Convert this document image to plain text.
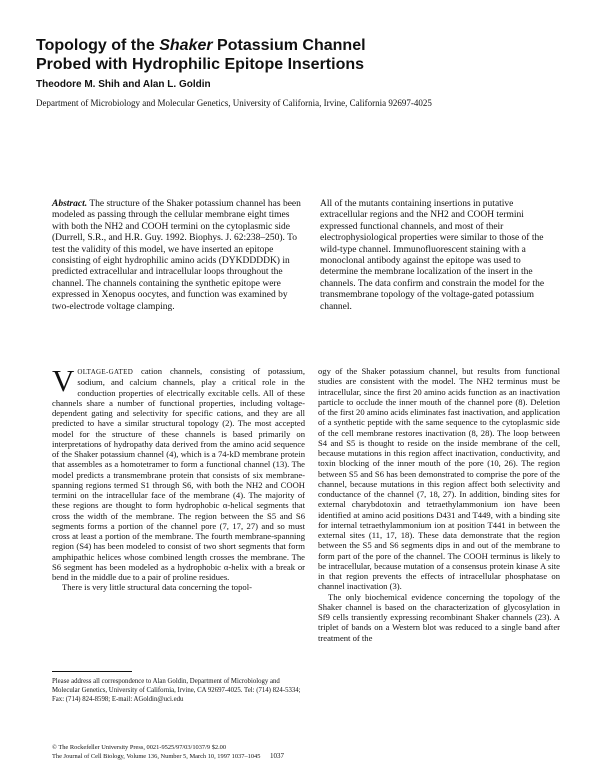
Topology of the Shaker Potassium Channel
Probed with Hydrophilic Epitope Insertions
Theodore M. Shih and Alan L. Goldin
Department of Microbiology and Molecular Genetics, University of California, Irvine, California 92697-4025

Abstract. The structure of the Shaker potassium channel has been modeled as passing through the cellular membrane eight times with both the NH2 and COOH termini on the cytoplasmic side (Durrell, S.R., and H.R. Guy. 1992. Biophys. J. 62:238–250). To test the validity of this model, we have inserted an epitope consisting of eight hydrophilic amino acids (DYKDDDDK) in predicted extracellular and intracellular loops throughout the channel. The channels containing the synthetic epitope were expressed in Xenopus oocytes, and function was examined by two-electrode voltage clamping.

All of the mutants containing insertions in putative extracellular regions and the NH2 and COOH termini expressed functional channels, and most of their electrophysiological properties were similar to those of the wild-type channel. Immunofluorescent staining with a monoclonal antibody against the epitope was used to determine the membrane localization of the insert in the channels. The data confirm and constrain the model for the transmembrane topology of the voltage-gated potassium channel.

VOLTAGE-GATED cation channels, consisting of potassium, sodium, and calcium channels, play a critical role in the conduction properties of electrically excitable cells. All of these channels share a number of functional properties, including voltage-dependent gating and selectivity for specific cations, and they are all predicted to have a similar structural topology (2). The most accepted model for the structure of these channels is based primarily on interpretations of hydropathy data derived from the amino acid sequence of the Shaker potassium channel (4), which is a 74-kD membrane protein that assembles as a homotetramer to form a functional channel (13). The model predicts a transmembrane protein that consists of six membrane-spanning regions termed S1 through S6, with both the NH2 and COOH termini on the intracellular face of the membrane (4). The majority of these regions are thought to form hydrophobic α-helical segments that cross the width of the membrane. The region between the S5 and S6 segments forms a portion of the channel pore (7, 17, 27) and so must cross at least a portion of the membrane. The fourth membrane-spanning region (S4) has been modeled to consist of two short segments that form amphipathic helices whose combined length crosses the membrane. The S6 segment has been modeled as a hydrophobic α-helix with a break or bend in the middle due to a pair of proline residues.

There is very little structural data concerning the topol-

ogy of the Shaker potassium channel, but results from functional studies are consistent with the model. The NH2 terminus must be intracellular, since the first 20 amino acids function as an inactivation particle to occlude the inner mouth of the channel pore (8). Deletion of the first 20 amino acids eliminates fast inactivation, and application of a synthetic peptide with the same sequence to the cytoplasmic side of the cell membrane restores inactivation (8, 28). The loop between S4 and S5 is thought to reside on the inside membrane of the cell, because mutations in this region affect inactivation, conductivity, and toxin blocking of the inner mouth of the pore (10, 26). The region between S5 and S6 has been demonstrated to comprise the pore of the channel, because mutations in this region affect both selectivity and conductance of the channel (7, 18, 27). In addition, binding sites for external charybdotoxin and tetraethylammonium ion have been identified at amino acid positions D431 and T449, with a binding site for internal tetraethylammonium ion at position T441 in between the external sites (11, 17, 18). These data demonstrate that the region between the S5 and S6 segments dips in and out of the membrane to form part of the pore of the channel. The COOH terminus is likely to be intracellular, because mutation of a consensus protein kinase A site in that region prevents the effects of intracellular phosphatase on channel inactivation (3).

The only biochemical evidence concerning the topology of the Shaker channel is based on the characterization of glycosylation in Sf9 cells transiently expressing recombinant Shaker channels (23). A triplet of bands on a Western blot was reduced to a single band after treatment of the

Please address all correspondence to Alan Goldin, Department of Microbiology and Molecular Genetics, University of California, Irvine, CA 92697-4025. Tel: (714) 824-5334; Fax: (714) 824-8598; E-mail: AGoldin@uci.edu

© The Rockefeller University Press, 0021-9525/97/03/1037/9 $2.00
The Journal of Cell Biology, Volume 136, Number 5, March 10, 1997 1037–1045 1037
